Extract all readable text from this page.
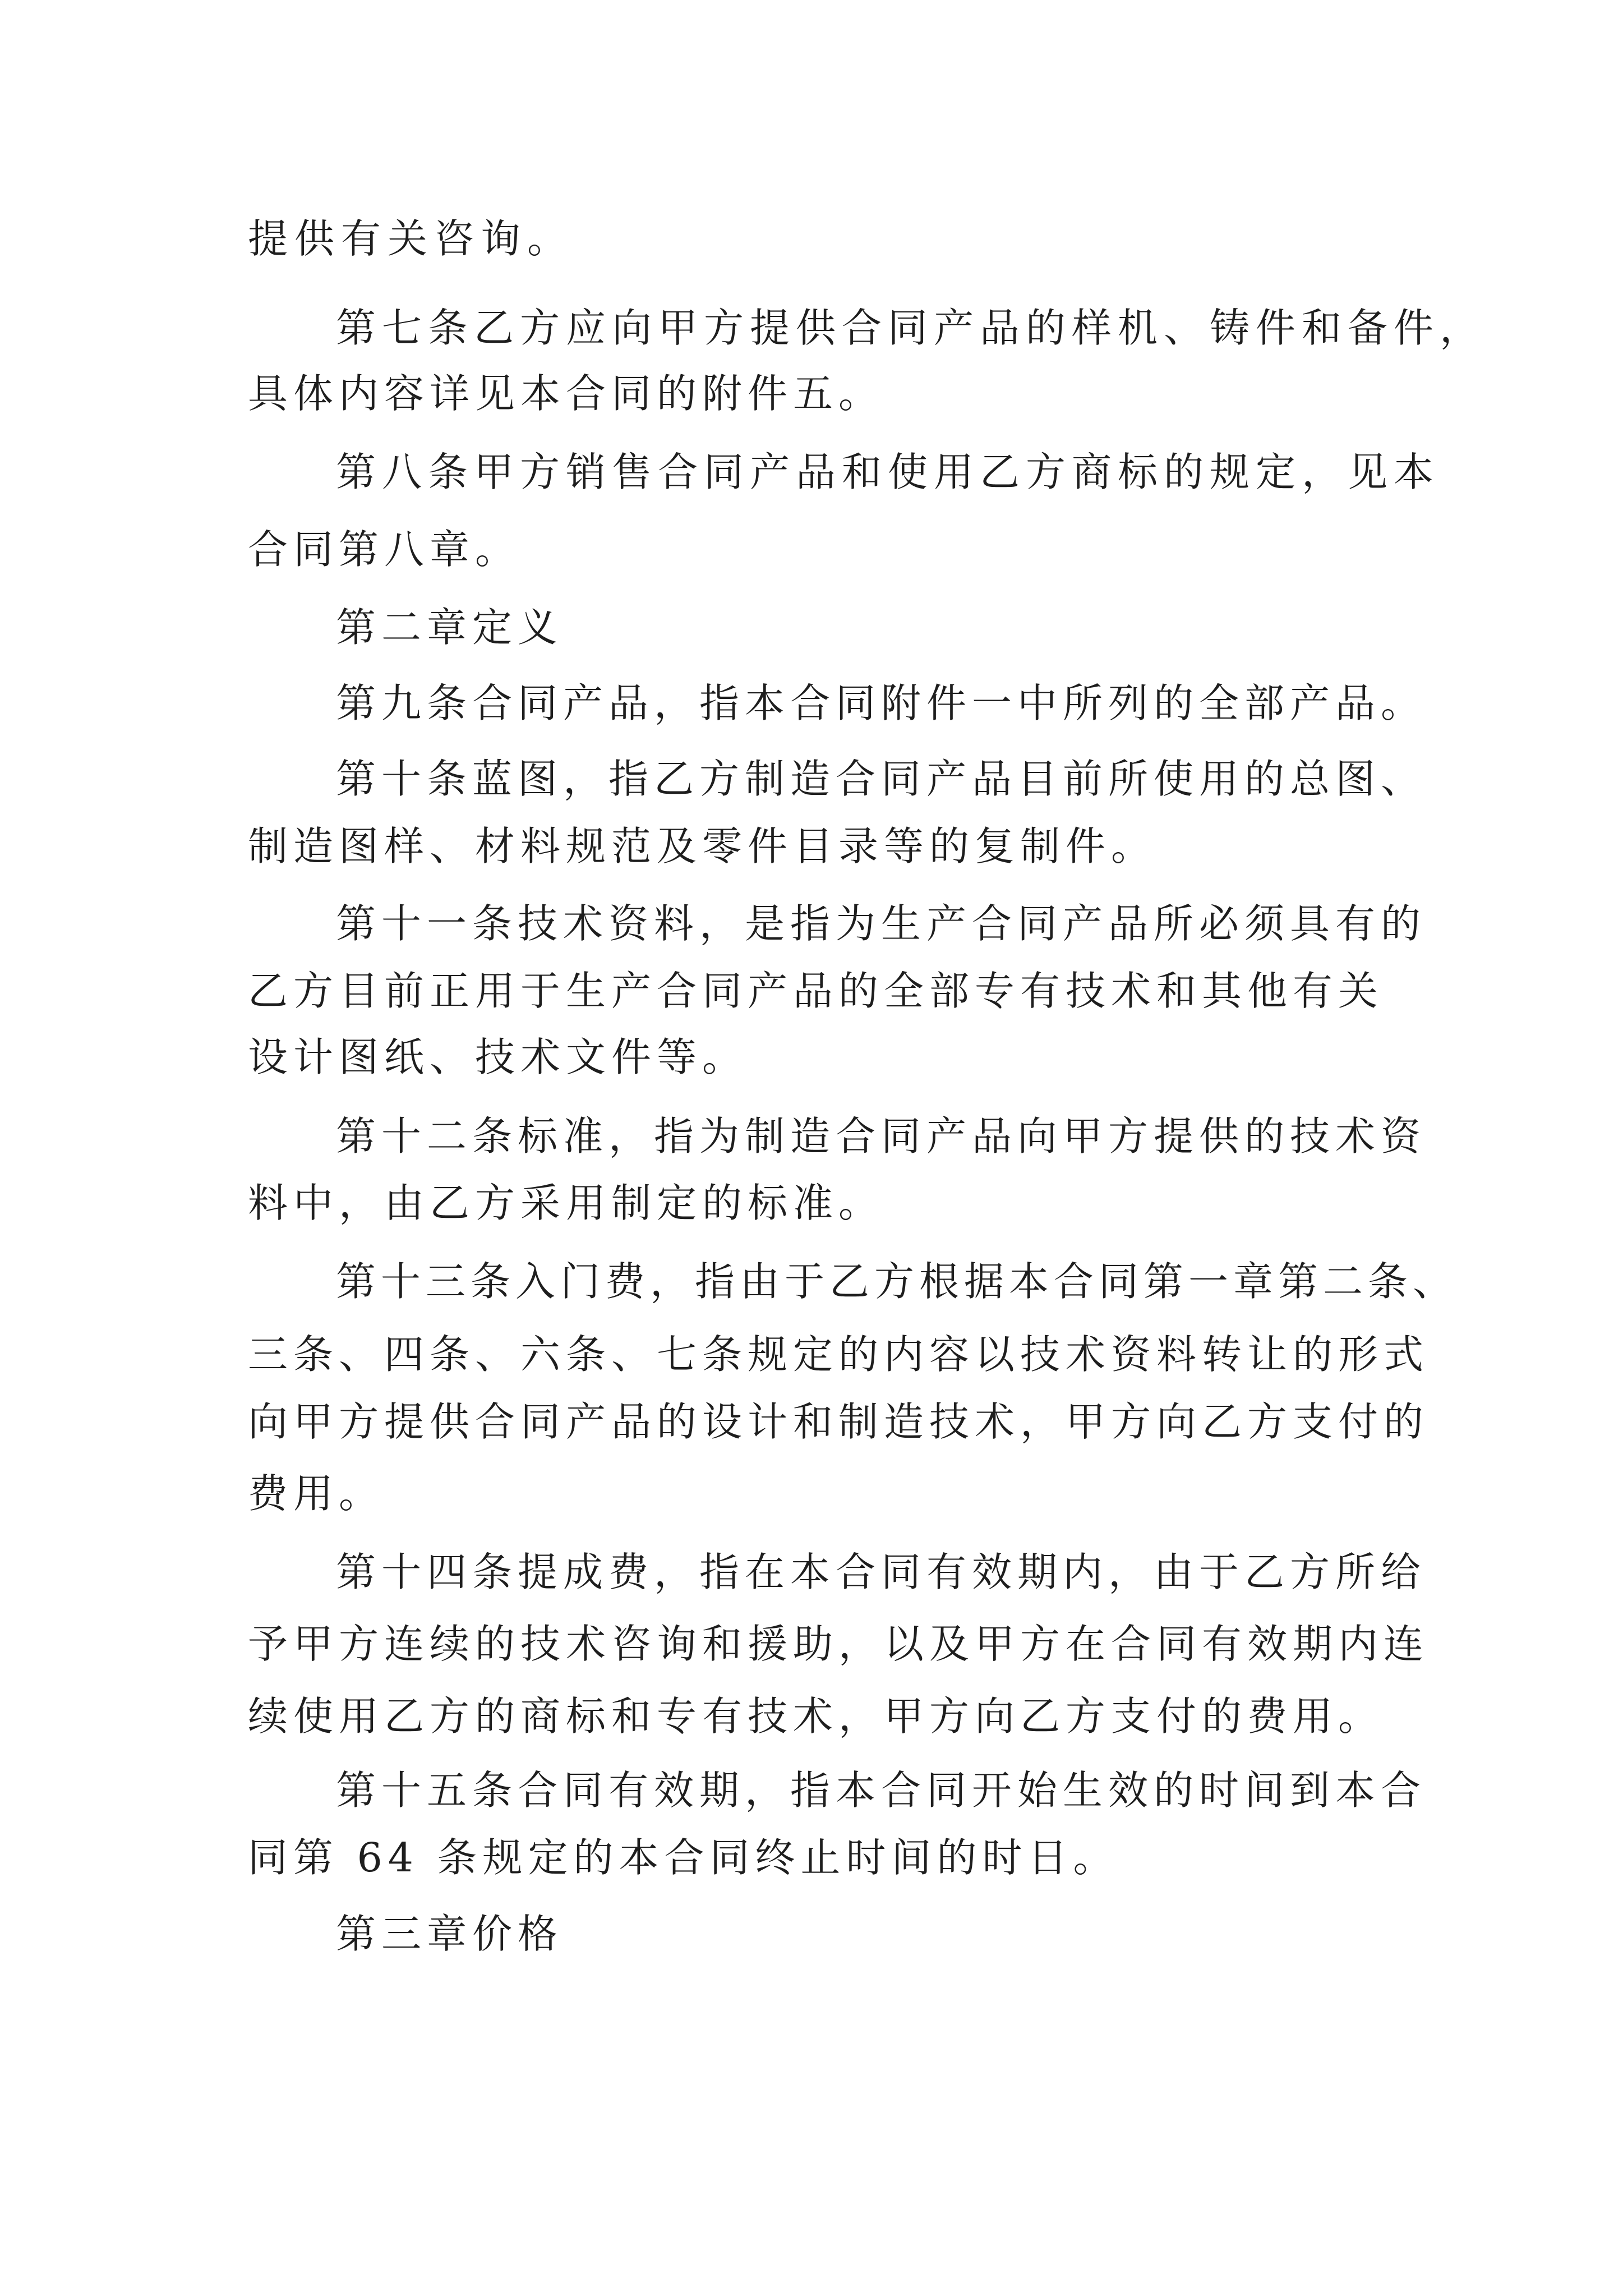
提供有关咨询。

第七条乙方应向甲方提供合同产品的样机、铸件和备件，

具体内容详见本合同的附件五。

第八条甲方销售合同产品和使用乙方商标的规定，见本

合同第八章。

第二章定义

第九条合同产品，指本合同附件一中所列的全部产品。

第十条蓝图，指乙方制造合同产品目前所使用的总图、

制造图样、材料规范及零件目录等的复制件。

第十一条技术资料，是指为生产合同产品所必须具有的

乙方目前正用于生产合同产品的全部专有技术和其他有关

设计图纸、技术文件等。

第十二条标准，指为制造合同产品向甲方提供的技术资

料中，由乙方采用制定的标准。

第十三条入门费，指由于乙方根据本合同第一章第二条、

三条、四条、六条、七条规定的内容以技术资料转让的形式

向甲方提供合同产品的设计和制造技术，甲方向乙方支付的

费用。

第十四条提成费，指在本合同有效期内，由于乙方所给

予甲方连续的技术咨询和援助，以及甲方在合同有效期内连

续使用乙方的商标和专有技术，甲方向乙方支付的费用。

第十五条合同有效期，指本合同开始生效的时间到本合

同第 64 条规定的本合同终止时间的时日。

第三章价格
